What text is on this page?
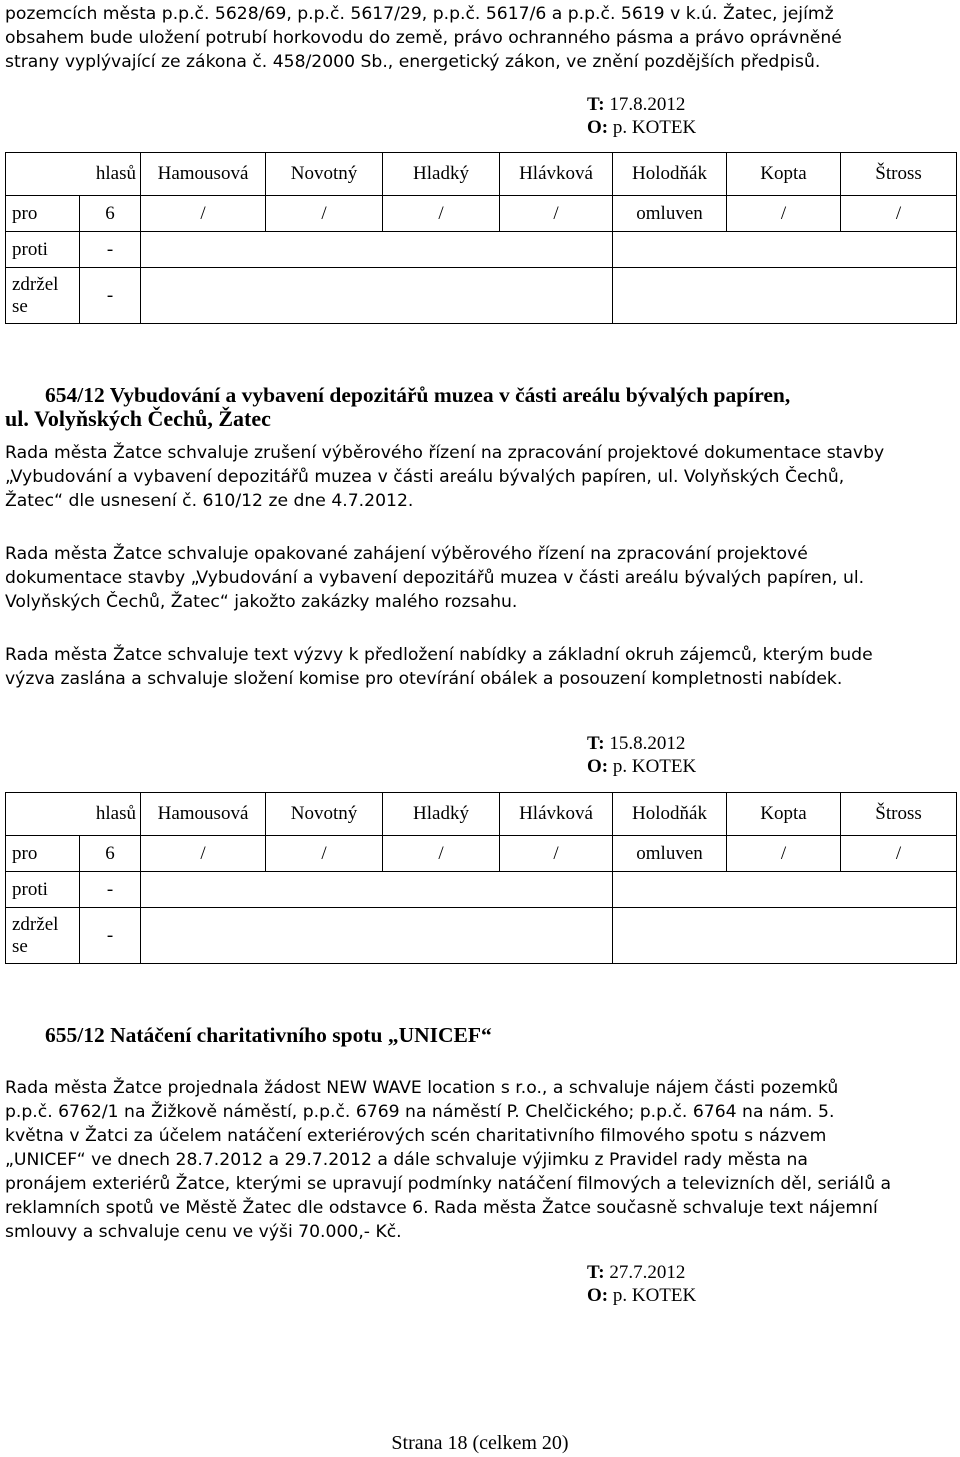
pozemcích města p.p.č. 5628/69, p.p.č. 5617/29, p.p.č. 5617/6 a p.p.č. 5619 v k.ú. Žatec, jejímž
obsahem bude uložení potrubí horkovodu do země, právo ochranného pásma a právo oprávněné
strany vyplývající ze zákona č. 458/2000 Sb., energetický zákon, ve znění pozdějších předpisů.
T: 17.8.2012
O: p. KOTEK
hlasů		Hamousová	Novotný	Hladký	Hlávková	Holodňák	Kopta	Štross
pro	6	/	/	/	/	omluven	/	/
proti	-							
zdržel
se	-							
654/12 Vybudování a vybavení depozitářů muzea v části areálu bývalých papíren,
ul. Volyňských Čechů, Žatec
Rada města Žatce schvaluje zrušení výběrového řízení na zpracování projektové dokumentace stavby
„Vybudování a vybavení depozitářů muzea v části areálu bývalých papíren, ul. Volyňských Čechů,
Žatec“ dle usnesení č. 610/12 ze dne 4.7.2012.
Rada města Žatce schvaluje opakované zahájení výběrového řízení na zpracování projektové
dokumentace stavby „Vybudování a vybavení depozitářů muzea v části areálu bývalých papíren, ul.
Volyňských Čechů, Žatec“ jakožto zakázky malého rozsahu.
Rada města Žatce schvaluje text výzvy k předložení nabídky a základní okruh zájemců, kterým bude
výzva zaslána a schvaluje složení komise pro otevírání obálek a posouzení kompletnosti nabídek.
T: 15.8.2012
O: p. KOTEK
hlasů		Hamousová	Novotný	Hladký	Hlávková	Holodňák	Kopta	Štross
pro	6	/	/	/	/	omluven	/	/
proti	-							
zdržel
se	-							
655/12 Natáčení charitativního spotu „UNICEF“
Rada města Žatce projednala žádost NEW WAVE location s r.o., a schvaluje nájem části pozemků
p.p.č. 6762/1 na Žižkově náměstí, p.p.č. 6769 na náměstí P. Chelčického; p.p.č. 6764 na nám. 5.
května v Žatci za účelem natáčení exteriérových scén charitativního filmového spotu s názvem
„UNICEF“ ve dnech 28.7.2012 a 29.7.2012 a dále schvaluje výjimku z Pravidel rady města na
pronájem exteriérů Žatce, kterými se upravují podmínky natáčení filmových a televizních děl, seriálů a
reklamních spotů ve Městě Žatec dle odstavce 6. Rada města Žatce současně schvaluje text nájemní
smlouvy a schvaluje cenu ve výši 70.000,- Kč.
T: 27.7.2012
O: p. KOTEK
Strana 18 (celkem 20)
